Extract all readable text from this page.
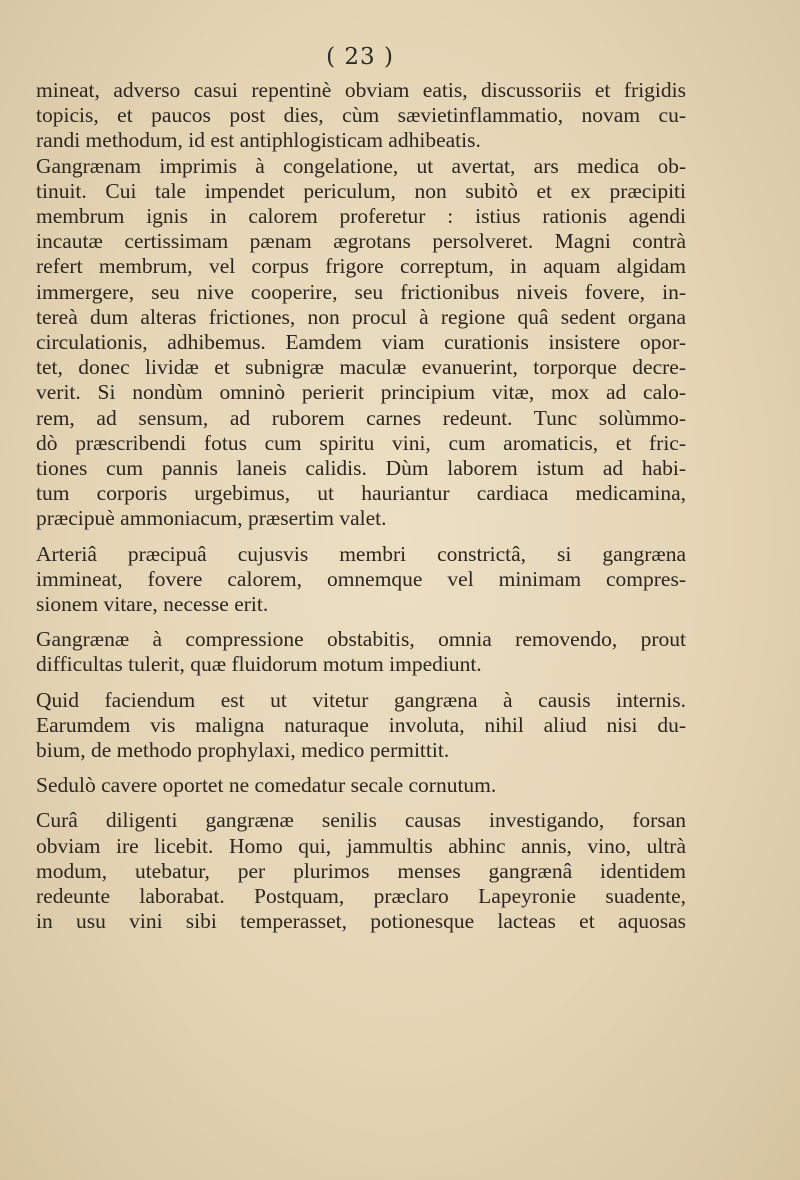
( 23 )
mineat, adverso casui repentinè obviam eatis, discussoriis et frigidis
topicis, et paucos post dies, cùm sævietinflammatio, novam cu-
randi methodum, id est antiphlogisticam adhibeatis.
Gangrænam imprimis à congelatione, ut avertat, ars medica ob-
tinuit. Cui tale impendet periculum, non subitò et ex præcipiti
membrum ignis in calorem proferetur : istius rationis agendi
incautæ certissimam pænam ægrotans persolveret. Magni contrà
refert membrum, vel corpus frigore correptum, in aquam algidam
immergere, seu nive cooperire, seu frictionibus niveis fovere, in-
tereà dum alteras frictiones, non procul à regione quâ sedent organa
circulationis, adhibemus. Eamdem viam curationis insistere opor-
tet, donec lividæ et subnigræ maculæ evanuerint, torporque decre-
verit. Si nondùm omninò perierit principium vitæ, mox ad calo-
rem, ad sensum, ad ruborem carnes redeunt. Tunc solùmmo-
dò præscribendi fotus cum spiritu vini, cum aromaticis, et fric-
tiones cum pannis laneis calidis. Dùm laborem istum ad habi-
tum corporis urgebimus, ut hauriantur cardiaca medicamina,
præcipuè ammoniacum, præsertim valet.
Arteriâ præcipuâ cujusvis membri constrictâ, si gangræna
immineat, fovere calorem, omnemque vel minimam compres-
sionem vitare, necesse erit.
Gangrænæ à compressione obstabitis, omnia removendo, prout
difficultas tulerit, quæ fluidorum motum impediunt.
Quid faciendum est ut vitetur gangræna à causis internis.
Earumdem vis maligna naturaque involuta, nihil aliud nisi du-
bium, de methodo prophylaxi, medico permittit.
Sedulò cavere oportet ne comedatur secale cornutum.
Curâ diligenti gangrænæ senilis causas investigando, forsan
obviam ire licebit. Homo qui, jammultis abhinc annis, vino, ultrà
modum, utebatur, per plurimos menses gangrænâ identidem
redeunte laborabat. Postquam, præclaro Lapeyronie suadente,
in usu vini sibi temperasset, potionesque lacteas et aquosas
